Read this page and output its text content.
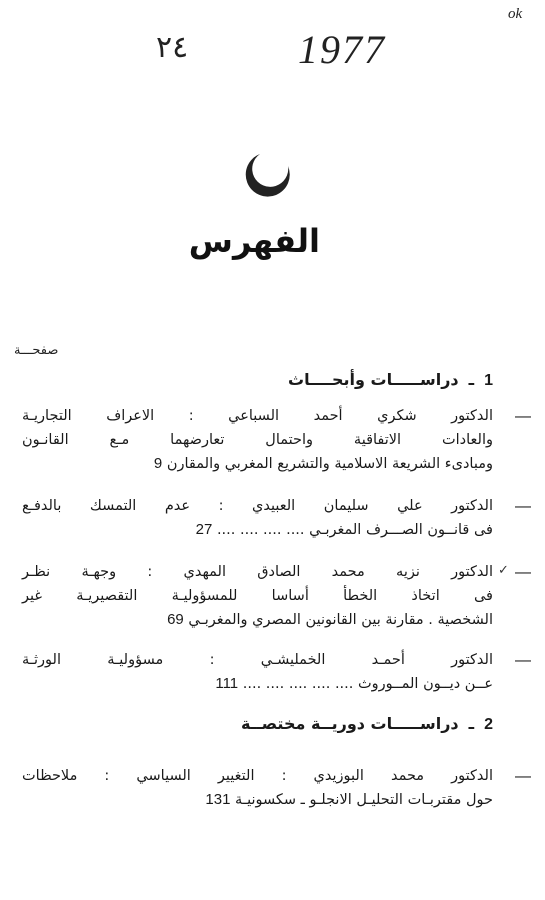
ok
٢٤	1977
الفهرس
صفحـــة
1
ـ
دراســـــات وأبحــــاث
—
الدكتور شكري أحمد السباعي : الاعراف التجاريـة
والعادات الاتفاقية واحتمال تعارضهما مـع القانـون
ومبادىء الشريعة الاسلامية والتشريع المغربي والمقارن 9
—
الدكتور علي سليمان العبيدي : عدم التمسك بالدفـع
فى قانــون الصـــرف المغربـي .... .... .... .... 27
✓ —
الدكتور نزيه محمد الصادق المهدي : وجهـة نظـر
فى اتخاذ الخطأ أساسا للمسؤوليـة التقصيريـة غير
الشخصية . مقارنة بين القانونين المصري والمغربـي 69
—
الدكتور أحمـد الخمليشـي : مسؤوليـة الورثـة
عــن ديــون المــوروث .... .... .... .... .... 111
2
ـ
دراســـــات دوريــة مختصــة
—
الدكتور محمد البوزيدي : التغيير السياسي : ملاحظات
حول مقتربـات التحليـل الانجلـو ـ سكسونيـة 131
